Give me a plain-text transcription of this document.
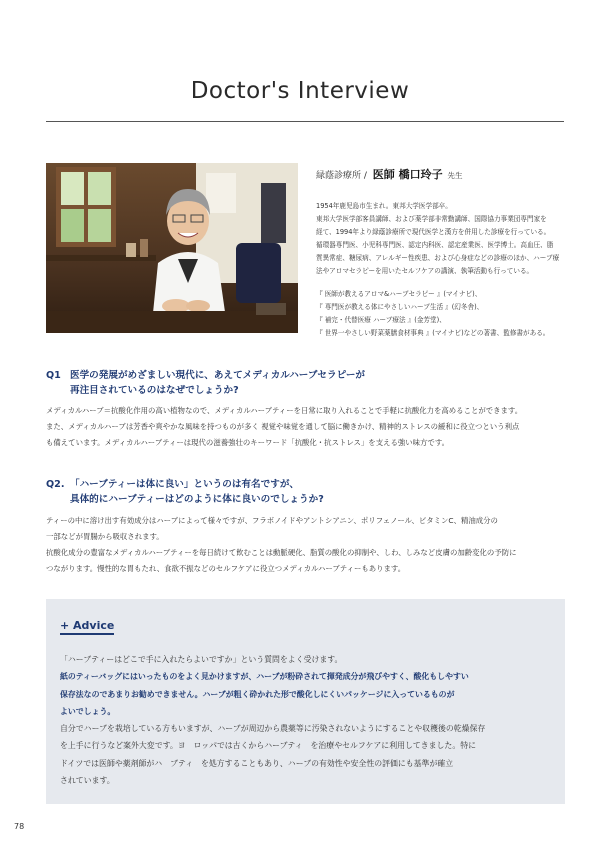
Doctor's Interview
緑蔭診療所 / 医師 橋口玲子 先生
1954年鹿児島市生まれ。東邦大学医学部卒。
東邦大学医学部客員講師、および薬学部非常勤講師、国際協力事業団専門家を
経て、1994年より緑蔭診療所で現代医学と漢方を併用した診療を行っている。
循環器専門医、小児科専門医、認定内科医、認定産業医、医学博士。高血圧、脂
質異常症、糖尿病、アレルギー性疾患、および心身症などの診療のほか、ハーブ療
法やアロマセラピーを用いたセルフケアの講演、執筆活動も行っている。
『 医師が教えるアロマ&ハーブセラピー 』(マイナビ)、
『 専門医が教える体にやさしいハーブ生活 』(幻冬舎)、
『 補完・代替医療 ハーブ療法 』(金芳堂)、
『 世界一やさしい野菜薬膳食材事典 』(マイナビ)などの著書、監修書がある。
Q1 医学の発展がめざましい現代に、あえてメディカルハーブセラピーが
再注目されているのはなぜでしょうか?
メディカルハーブ＝抗酸化作用の高い植物なので、メディカルハーブティーを日常に取り入れることで手軽に抗酸化力を高めることができます。
また、メディカルハーブは芳香や爽やかな風味を持つものが多く 視覚や味覚を通して脳に働きかけ、精神的ストレスの緩和に役立つという利点
も備えています。メディカルハーブティーは現代の滋養強壮のキーワード「抗酸化・抗ストレス」を支える強い味方です。
Q2. 「ハーブティーは体に良い」というのは有名ですが、
具体的にハーブティーはどのように体に良いのでしょうか?
ティーの中に溶け出す有効成分はハーブによって様々ですが、フラボノイドやアントシアニン、ポリフェノール、ビタミンC、精油成分の
一部などが胃腸から吸収されます。
抗酸化成分の豊富なメディカルハーブティーを毎日続けて飲むことは動脈硬化、脂質の酸化の抑制や、しわ、しみなど皮膚の加齢変化の予防に
つながります。慢性的な胃もたれ、食欲不振などのセルフケアに役立つメディカルハーブティーもあります。
+ Advice

「ハーブティーはどこで手に入れたらよいですか」という質問をよく受けます。

紙のティーバッグにはいったものをよく見かけますが、ハーブが粉砕されて揮発成分が飛びやすく、酸化もしやすい
保存法なのであまりお勧めできません。ハーブが粗く砕かれた形で酸化しにくいパッケージに入っているものが
よいでしょう。

自分でハーブを栽培している方もいますが、ハーブが周辺から農薬等に汚染されないようにすることや収穫後の乾燥保存
を上手に行うなど案外大変です。ヨ　ロッパでは古くからハーブティ　を治療やセルフケアに利用してきました。特に
ドイツでは医師や薬剤師がハ　ブティ　を処方することもあり、ハーブの有効性や安全性の評価にも基準が確立
されています。

78
